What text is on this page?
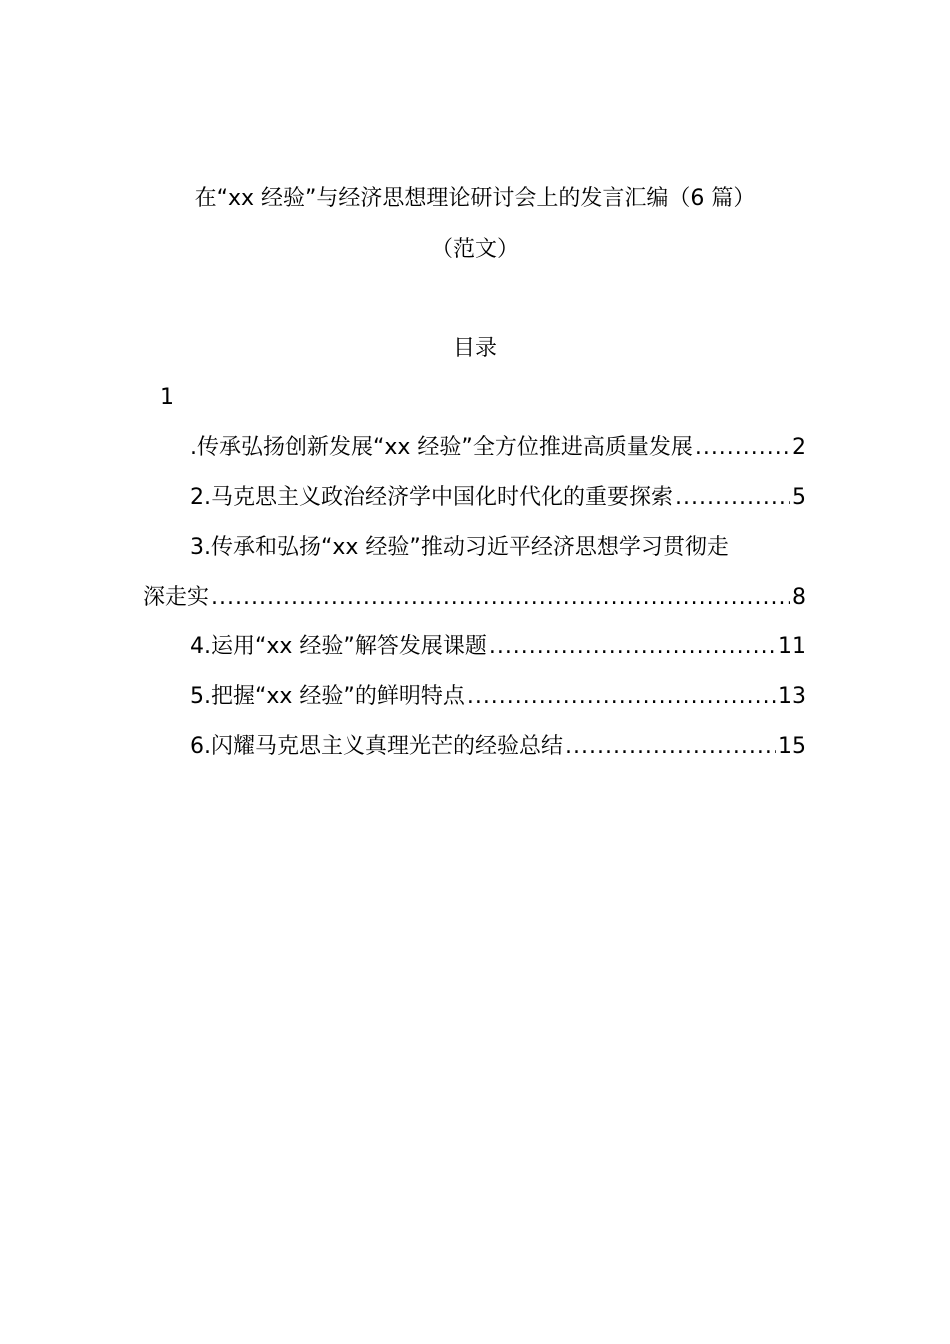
在“xx 经验”与经济思想理论研讨会上的发言汇编（6 篇）
（范文）
目录
1
.传承弘扬创新发展“xx 经验”全方位推进高质量发展 .....	2
2.马克思主义政治经济学中国化时代化的重要探索 .....	5
3.传承和弘扬“xx 经验”推动习近平经济思想学习贯彻走
深走实 .....	8
4.运用“xx 经验”解答发展课题 .....	11
5.把握“xx 经验”的鲜明特点 .....	13
6.闪耀马克思主义真理光芒的经验总结 .....	15
